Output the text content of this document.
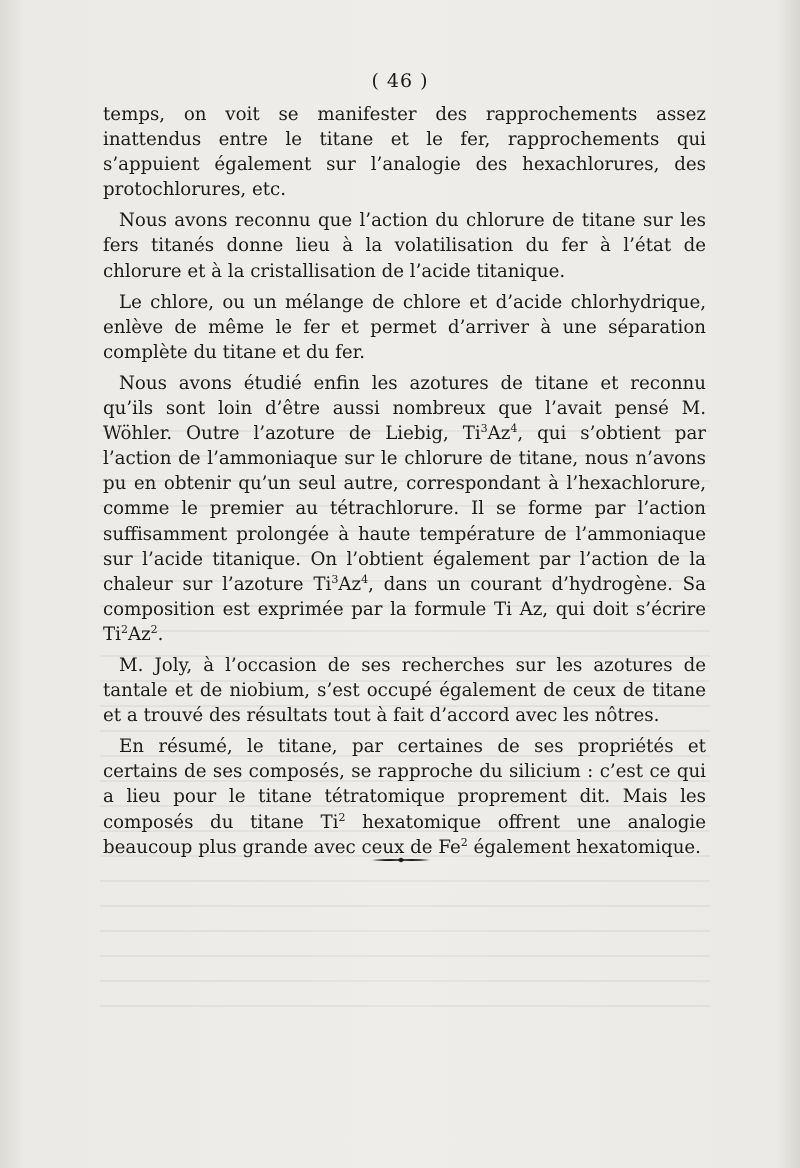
( 46 )

temps, on voit se manifester des rapprochements assez inattendus entre le titane et le fer, rapprochements qui s’appuient également sur l’analogie des hexachlorures, des protochlorures, etc.

Nous avons reconnu que l’action du chlorure de titane sur les fers titanés donne lieu à la volatilisation du fer à l’état de chlorure et à la cristallisation de l’acide titanique.

Le chlore, ou un mélange de chlore et d’acide chlorhydrique, enlève de même le fer et permet d’arriver à une séparation complète du titane et du fer.

Nous avons étudié enfin les azotures de titane et reconnu qu’ils sont loin d’être aussi nombreux que l’avait pensé M. Wöhler. Outre l’azoture de Liebig, Ti$^3$Az$^4$, qui s’obtient par l’action de l’ammoniaque sur le chlorure de titane, nous n’avons pu en obtenir qu’un seul autre, correspondant à l’hexachlorure, comme le premier au tétrachlorure. Il se forme par l’action suffisamment prolongée à haute température de l’ammoniaque sur l’acide titanique. On l’obtient également par l’action de la chaleur sur l’azoture Ti$^3$Az$^4$, dans un courant d’hydrogène. Sa composition est exprimée par la formule Ti Az, qui doit s’écrire Ti$^2$Az$^2$.

M. Joly, à l’occasion de ses recherches sur les azotures de tantale et de niobium, s’est occupé également de ceux de titane et a trouvé des résultats tout à fait d’accord avec les nôtres.

En résumé, le titane, par certaines de ses propriétés et certains de ses composés, se rapproche du silicium : c’est ce qui a lieu pour le titane tétratomique proprement dit. Mais les composés du titane Ti$^2$ hexatomique offrent une analogie beaucoup plus grande avec ceux de Fe$^2$ également hexatomique.
